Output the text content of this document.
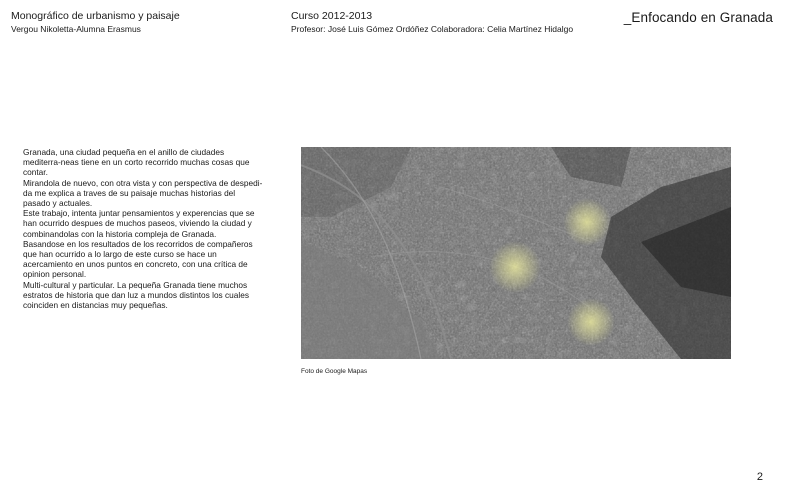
Monográfico de urbanismo y paisaje
Vergou Nikoletta-Alumna Erasmus
Curso 2012-2013
Profesor: José Luis Gómez Ordóñez Colaboradora: Celia Martínez Hidalgo
_Enfocando en Granada

Granada, una ciudad pequeña en el anillo de ciudades mediterra-neas tiene en un corto recorrido muchas cosas que contar.

Mirandola de nuevo, con otra vista y con perspectiva de despedi-da me explica a traves de su paisaje muchas historias del pasado y actuales.

Este trabajo, intenta juntar pensamientos y experencias que se han ocurrido despues de muchos paseos, viviendo la ciudad y combinandolas con la historia compleja de Granada.

Basandose en los resultados de los recorridos de compañeros que han ocurrido a lo largo de este curso se hace un acercamiento en unos puntos en concreto, con una crítica de opinion personal.

Multi-cultural y particular. La pequeña Granada tiene muchos estratos de historia que dan luz a mundos distintos los cuales coinciden en distancias muy pequeñas.

Foto de Google Mapas
2
